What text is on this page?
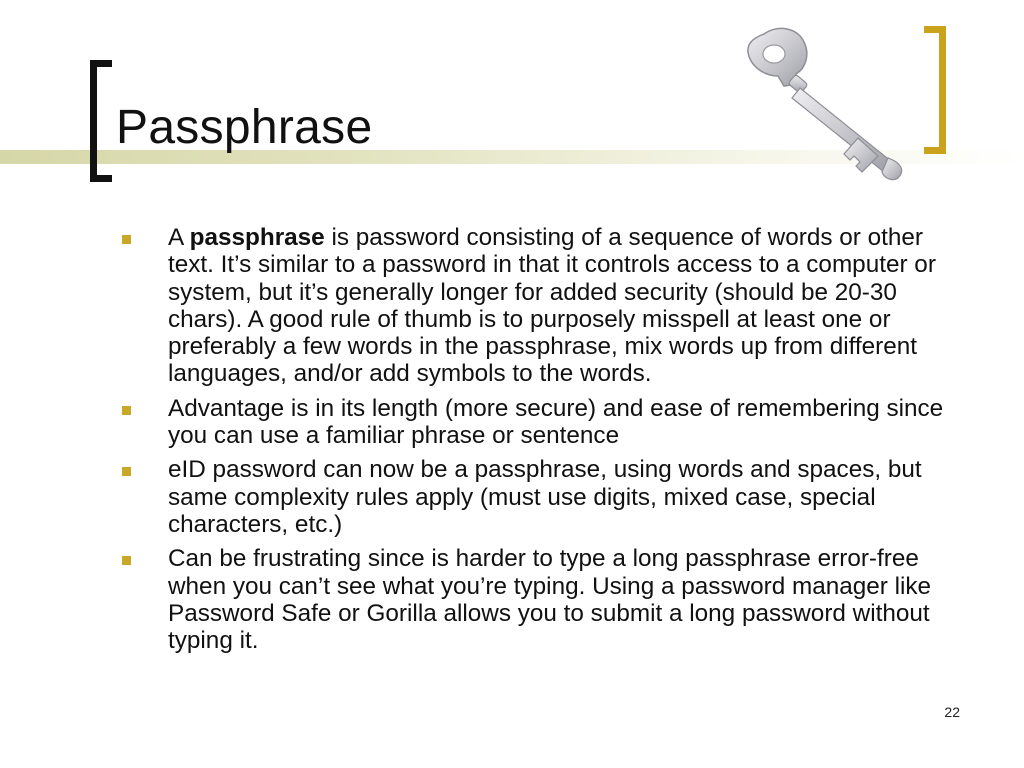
Passphrase
A passphrase is password consisting of a sequence of words or other text. It’s similar to a password in that it controls access to a computer or system, but it’s generally longer for added security (should be 20-30 chars). A good rule of thumb is to purposely misspell at least one or preferably a few words in the passphrase, mix words up from different languages, and/or add symbols to the words.
Advantage is in its length (more secure) and ease of remembering since you can use a familiar phrase or sentence
eID password can now be a passphrase, using words and spaces, but same complexity rules apply (must use digits, mixed case, special characters, etc.)
Can be frustrating since is harder to type a long passphrase error-free when you can’t see what you’re typing. Using a password manager like Password Safe or Gorilla allows you to submit a long password without typing it.
22
